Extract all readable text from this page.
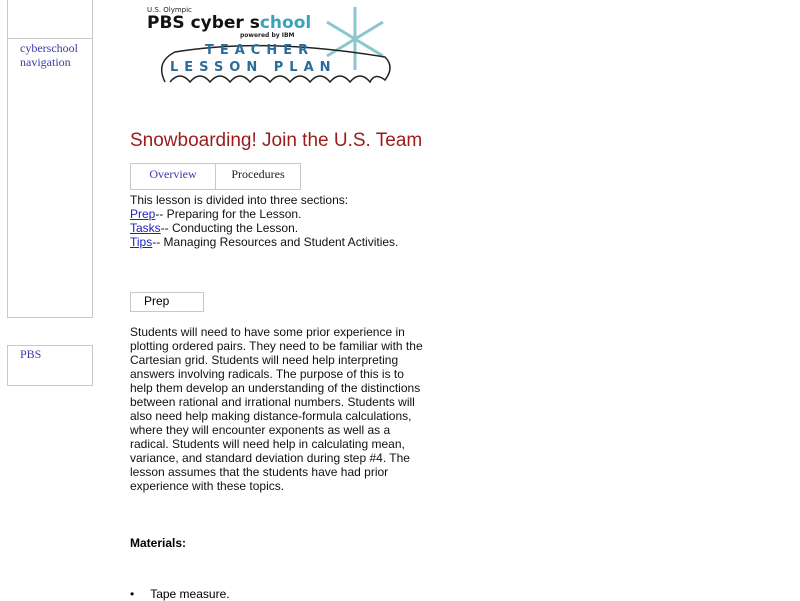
cyberschool navigation
PBS
U.S. Olympic
PBS cyber school
powered by IBM
TEACHER
LESSON PLAN
Snowboarding! Join the U.S. Team
Overview	Procedures
This lesson is divided into three sections:
Prep-- Preparing for the Lesson.
Tasks-- Conducting the Lesson.
Tips-- Managing Resources and Student Activities.
Prep
Students will need to have some prior experience in plotting ordered pairs. They need to be familiar with the Cartesian grid. Students will need help interpreting answers involving radicals. The purpose of this is to help them develop an understanding of the distinctions between rational and irrational numbers. Students will also need help making distance-formula calculations, where they will encounter exponents as well as a radical. Students will need help in calculating mean, variance, and standard deviation during step #4. The lesson assumes that the students have had prior experience with these topics.
Materials:
• Tape measure.
